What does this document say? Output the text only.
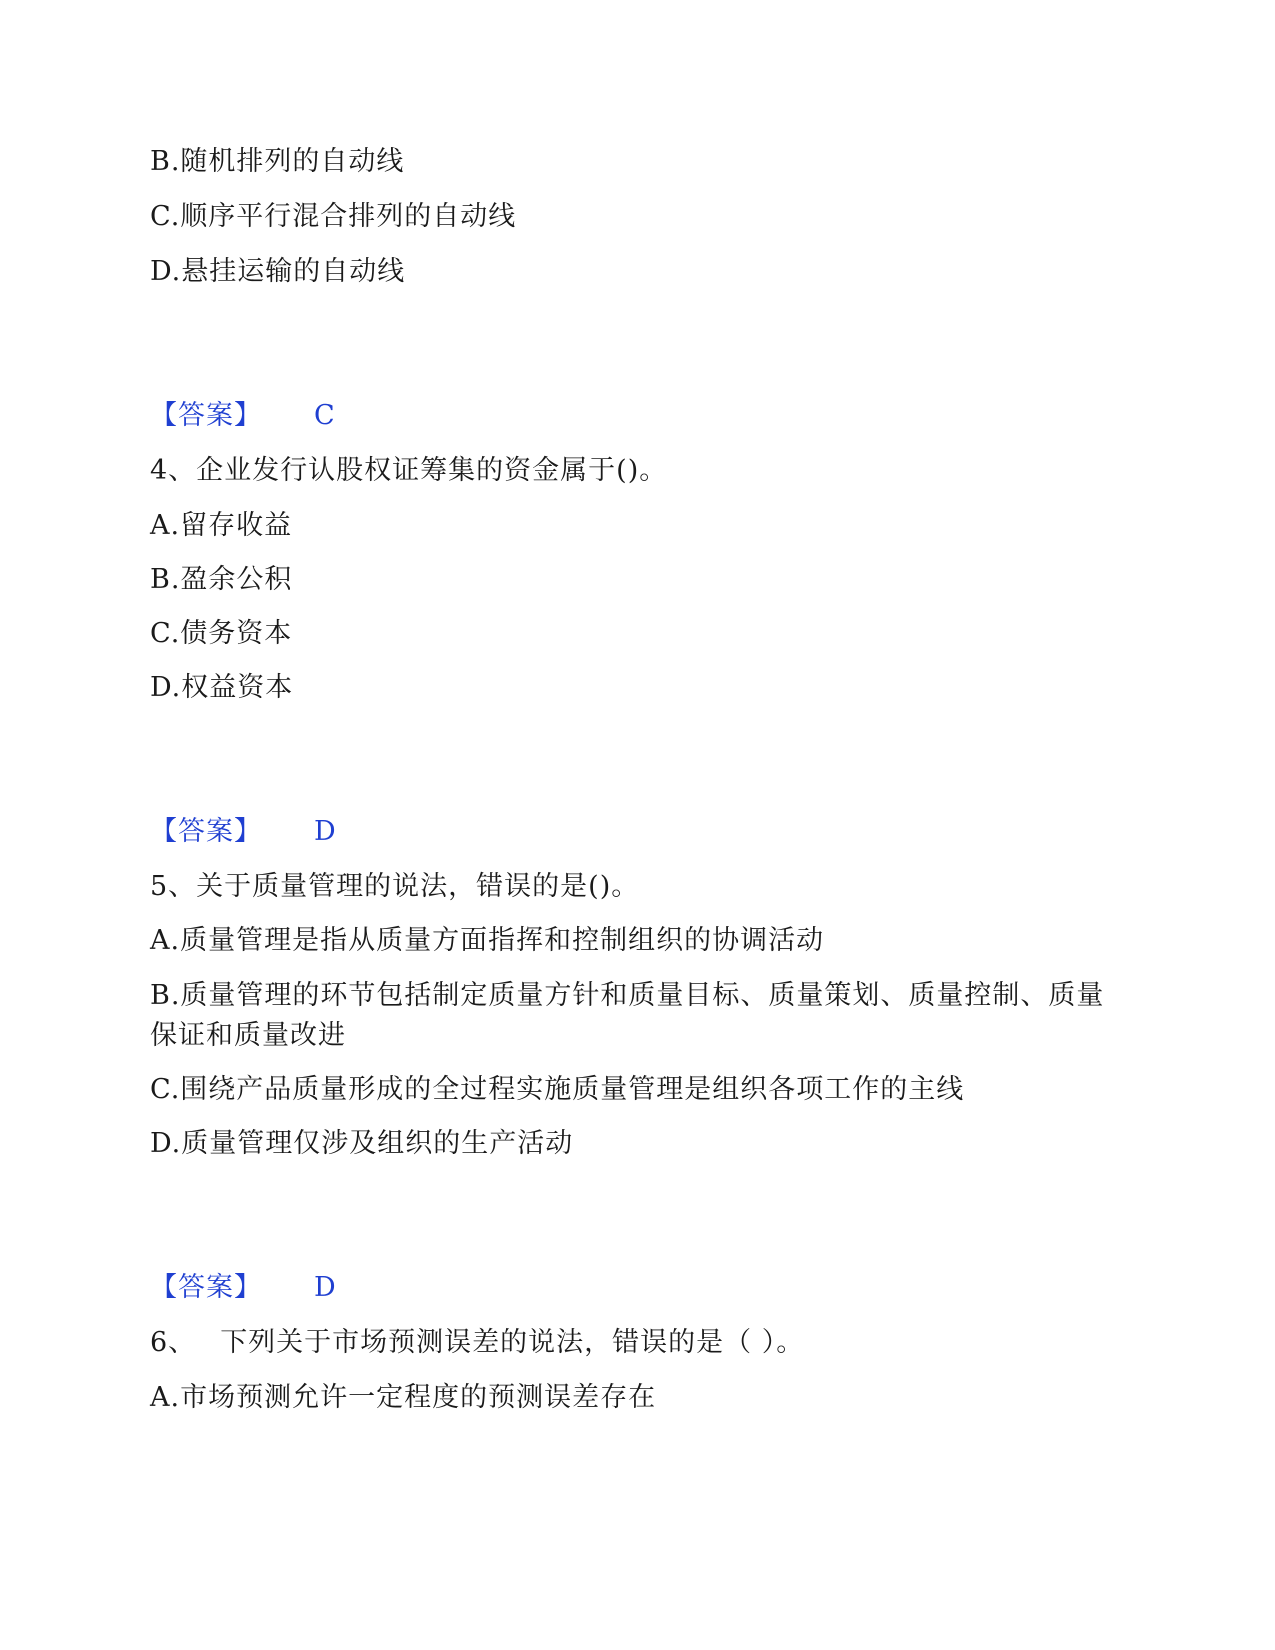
B.随机排列的自动线
C.顺序平行混合排列的自动线
D.悬挂运输的自动线
【答案】 C
4、企业发行认股权证筹集的资金属于()。
A.留存收益
B.盈余公积
C.债务资本
D.权益资本
【答案】 D
5、关于质量管理的说法，错误的是()。
A.质量管理是指从质量方面指挥和控制组织的协调活动
B.质量管理的环节包括制定质量方针和质量目标、质量策划、质量控制、质量保证和质量改进
C.围绕产品质量形成的全过程实施质量管理是组织各项工作的主线
D.质量管理仅涉及组织的生产活动
【答案】 D
6、 下列关于市场预测误差的说法，错误的是（ ）。
A.市场预测允许一定程度的预测误差存在
